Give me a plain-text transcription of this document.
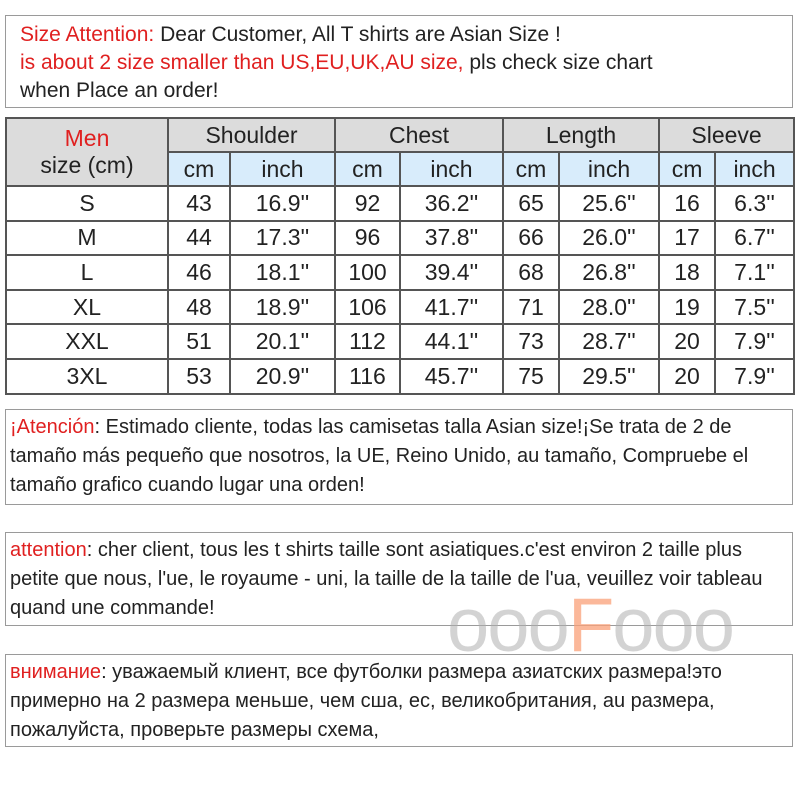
Size Attention: Dear Customer, All T shirts are Asian Size !
is about 2 size smaller than US,EU,UK,AU size, pls check size chart
when Place an order!
Men
size (cm)	Shoulder		Chest		Length		Sleeve	
	cm	inch	cm	inch	cm	inch	cm	inch
S	43	16.9''	92	36.2''	65	25.6''	16	6.3''
M	44	17.3''	96	37.8''	66	26.0''	17	6.7''
L	46	18.1''	100	39.4''	68	26.8''	18	7.1''
XL	48	18.9''	106	41.7''	71	28.0''	19	7.5''
XXL	51	20.1''	112	44.1''	73	28.7''	20	7.9''
3XL	53	20.9''	116	45.7''	75	29.5''	20	7.9''
¡Atención: Estimado cliente, todas las camisetas talla Asian size!¡Se trata de 2 de tamaño más pequeño que nosotros, la UE, Reino Unido, au tamaño, Compruebe el tamaño grafico cuando lugar una orden!
attention: cher client, tous les t shirts taille sont asiatiques.c'est environ 2 taille plus petite que nous, l'ue, le royaume - uni, la taille de la taille de l'ua, veuillez voir tableau quand une commande!
внимание: уважаемый клиент, все футболки размера азиатских размера!это примерно на 2 размера меньше, чем сша, ес, великобритания, au размера, пожалуйста, проверьте размеры схема,
oooFooo
